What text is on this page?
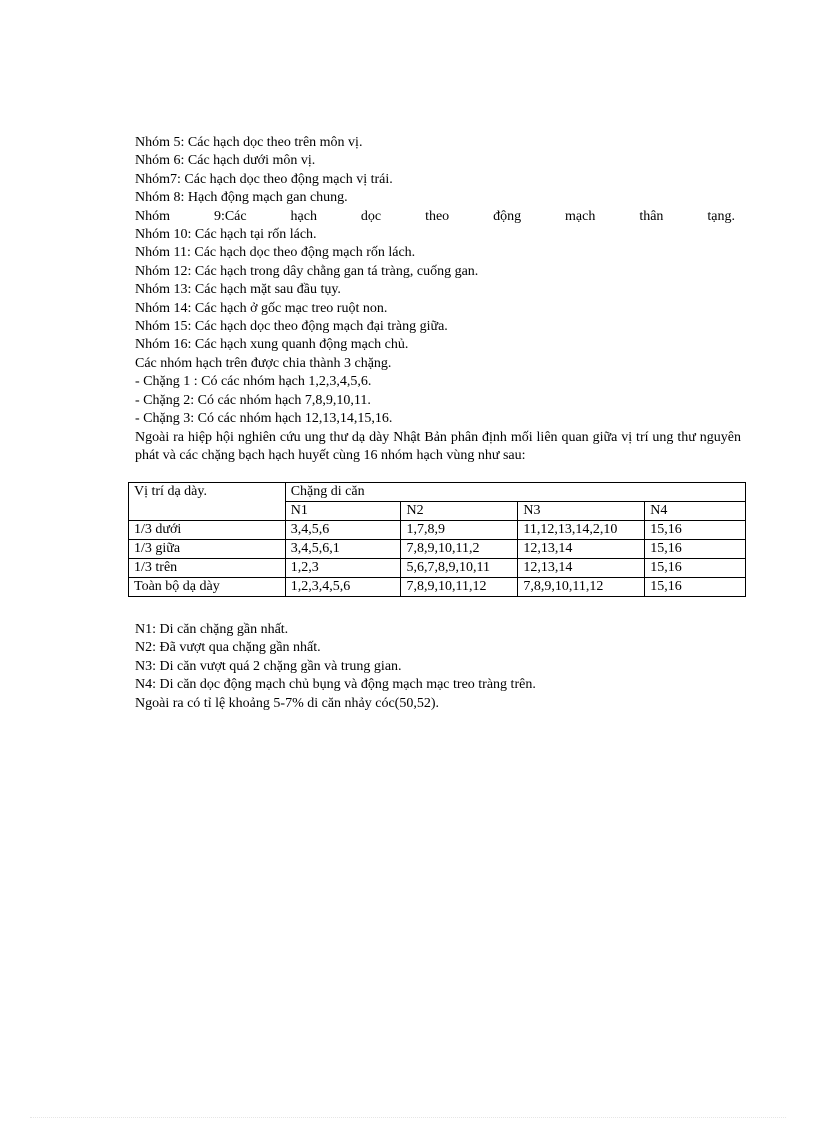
Nhóm 5: Các hạch dọc theo trên môn vị.
Nhóm 6: Các hạch dưới môn vị.
Nhóm7: Các hạch dọc theo động mạch vị trái.
Nhóm 8: Hạch động mạch gan chung.
Nhóm	9:Các	hạch	dọc	theo	động	mạch	thân	tạng.
Nhóm 10: Các hạch tại rốn lách.
Nhóm 11: Các hạch dọc theo động mạch rốn lách.
Nhóm 12: Các hạch trong dây chằng gan tá tràng, cuống gan.
Nhóm 13: Các hạch mặt sau đầu tụy.
Nhóm 14: Các hạch ở gốc mạc treo ruột non.
Nhóm 15: Các hạch dọc theo động mạch đại tràng giữa.
Nhóm 16: Các hạch xung quanh động mạch chủ.
Các nhóm hạch trên được chia thành 3 chặng.
- Chặng 1 : Có các nhóm hạch 1,2,3,4,5,6.
- Chặng 2: Có các nhóm hạch 7,8,9,10,11.
- Chặng 3: Có các nhóm hạch 12,13,14,15,16.
Ngoài ra hiệp hội nghiên cứu ung thư dạ dày Nhật Bản phân định mối liên quan giữa vị trí ung thư nguyên phát và các chặng bạch hạch huyết cùng 16 nhóm hạch vùng như sau:
Vị trí dạ dày.	Chặng di căn			
	N1	N2	N3	N4
1/3 dưới	3,4,5,6	1,7,8,9	11,12,13,14,2,10	15,16
1/3 giữa	3,4,5,6,1	7,8,9,10,11,2	12,13,14	15,16
1/3 trên	1,2,3	5,6,7,8,9,10,11	12,13,14	15,16
Toàn bộ dạ dày	1,2,3,4,5,6	7,8,9,10,11,12	7,8,9,10,11,12	15,16
N1: Di căn chặng gần nhất.
N2: Đã vượt qua chặng gần nhất.
N3: Di căn vượt quá 2 chặng gần và trung gian.
N4: Di căn dọc động mạch chủ bụng và động mạch mạc treo tràng trên.
Ngoài ra có tỉ lệ khoảng 5-7% di căn nhảy cóc(50,52).
